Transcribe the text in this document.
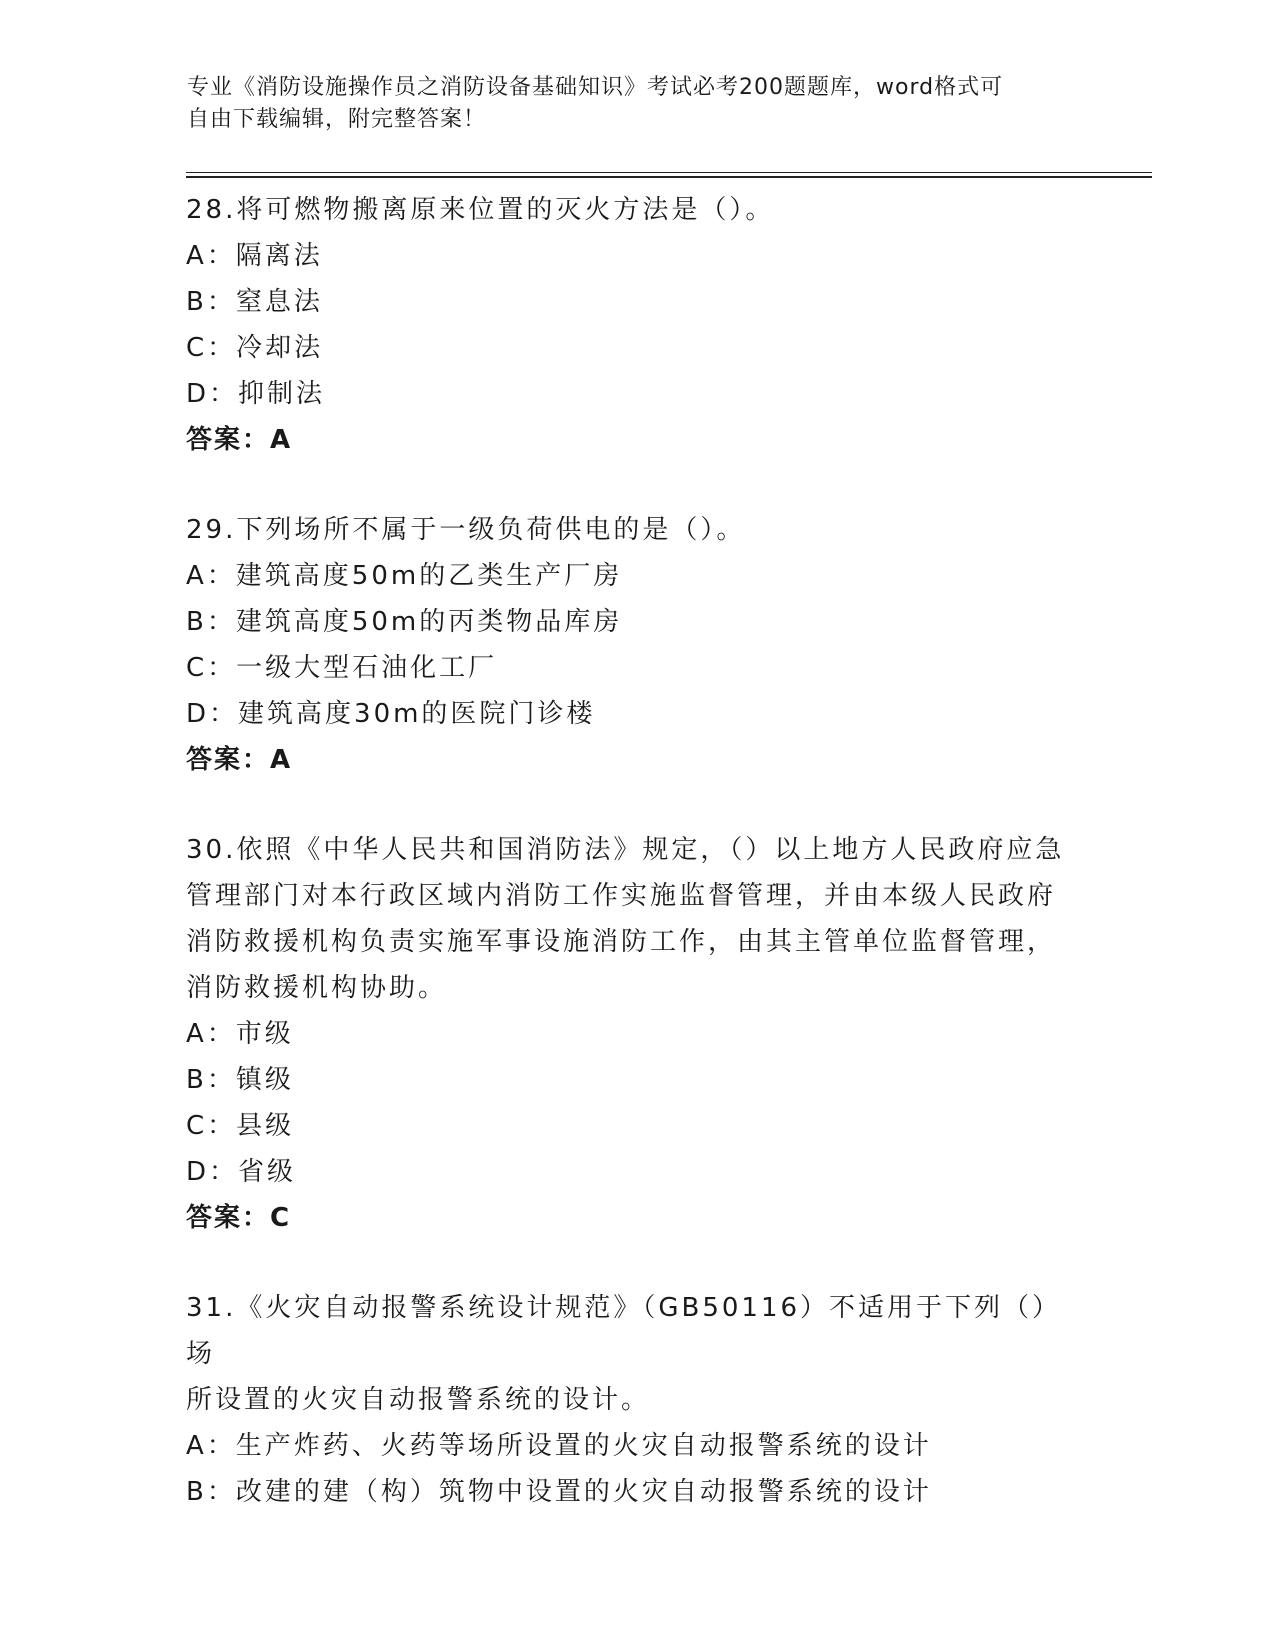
专业《消防设施操作员之消防设备基础知识》考试必考200题题库，word格式可

自由下载编辑，附完整答案！

28.将可燃物搬离原来位置的灭火方法是（）。
A：隔离法
B：窒息法
C：冷却法
D：抑制法
答案：A
29.下列场所不属于一级负荷供电的是（）。
A：建筑高度50m的乙类生产厂房
B：建筑高度50m的丙类物品库房
C：一级大型石油化工厂
D：建筑高度30m的医院门诊楼
答案：A
30.依照《中华人民共和国消防法》规定，（）以上地方人民政府应急
管理部门对本行政区域内消防工作实施监督管理，并由本级人民政府
消防救援机构负责实施军事设施消防工作，由其主管单位监督管理，
消防救援机构协助。
A：市级
B：镇级
C：县级
D：省级
答案：C
31.《火灾自动报警系统设计规范》（GB50116）不适用于下列（）场
所设置的火灾自动报警系统的设计。
A：生产炸药、火药等场所设置的火灾自动报警系统的设计
B：改建的建（构）筑物中设置的火灾自动报警系统的设计
